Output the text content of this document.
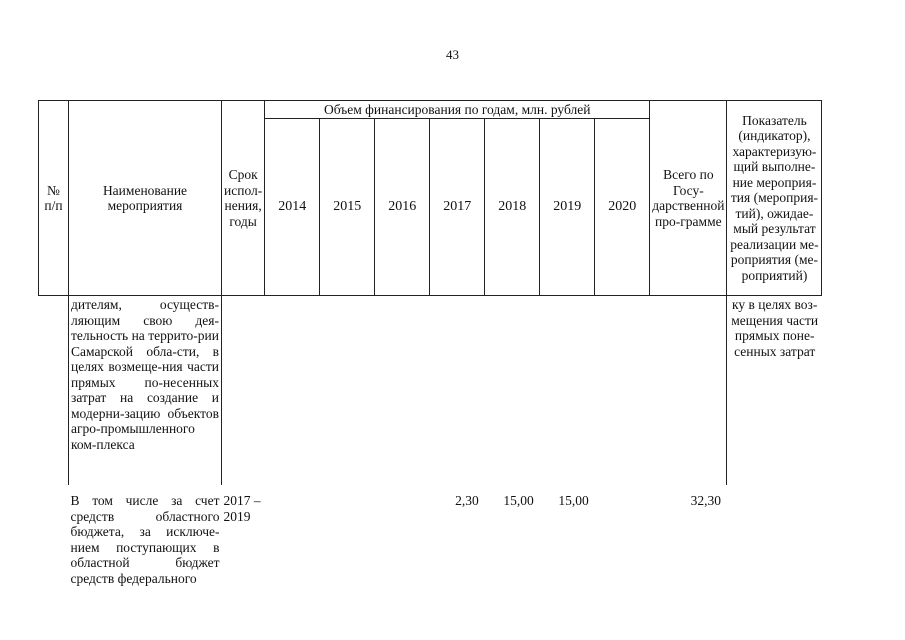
43
№ п/п	Наименование мероприятия	Срок испол-нения, годы	Объем финансирования по годам, млн. рублей							Всего по Госу-дарственной про-грамме	Показатель (индикатор), характеризую-щий выполне-ние мероприя-тия (мероприя-тий), ожидае-мый результат реализации ме-роприятия (ме-роприятий)
			2014	2015	2016	2017	2018	2019	2020		
	дителям, осуществ-ляющим свою дея-тельность на террито-рии Самарской обла-сти, в целях возмеще-ния части прямых по-несенных затрат на создание и модерни-зацию объектов агро-промышленного ком-плекса										ку в целях воз-мещения части прямых поне-сенных затрат
	В том числе за счет средств областного бюджета, за исключе-нием поступающих в областной бюджет средств федерального	2017 – 2019				2,30	15,00	15,00		32,30	
